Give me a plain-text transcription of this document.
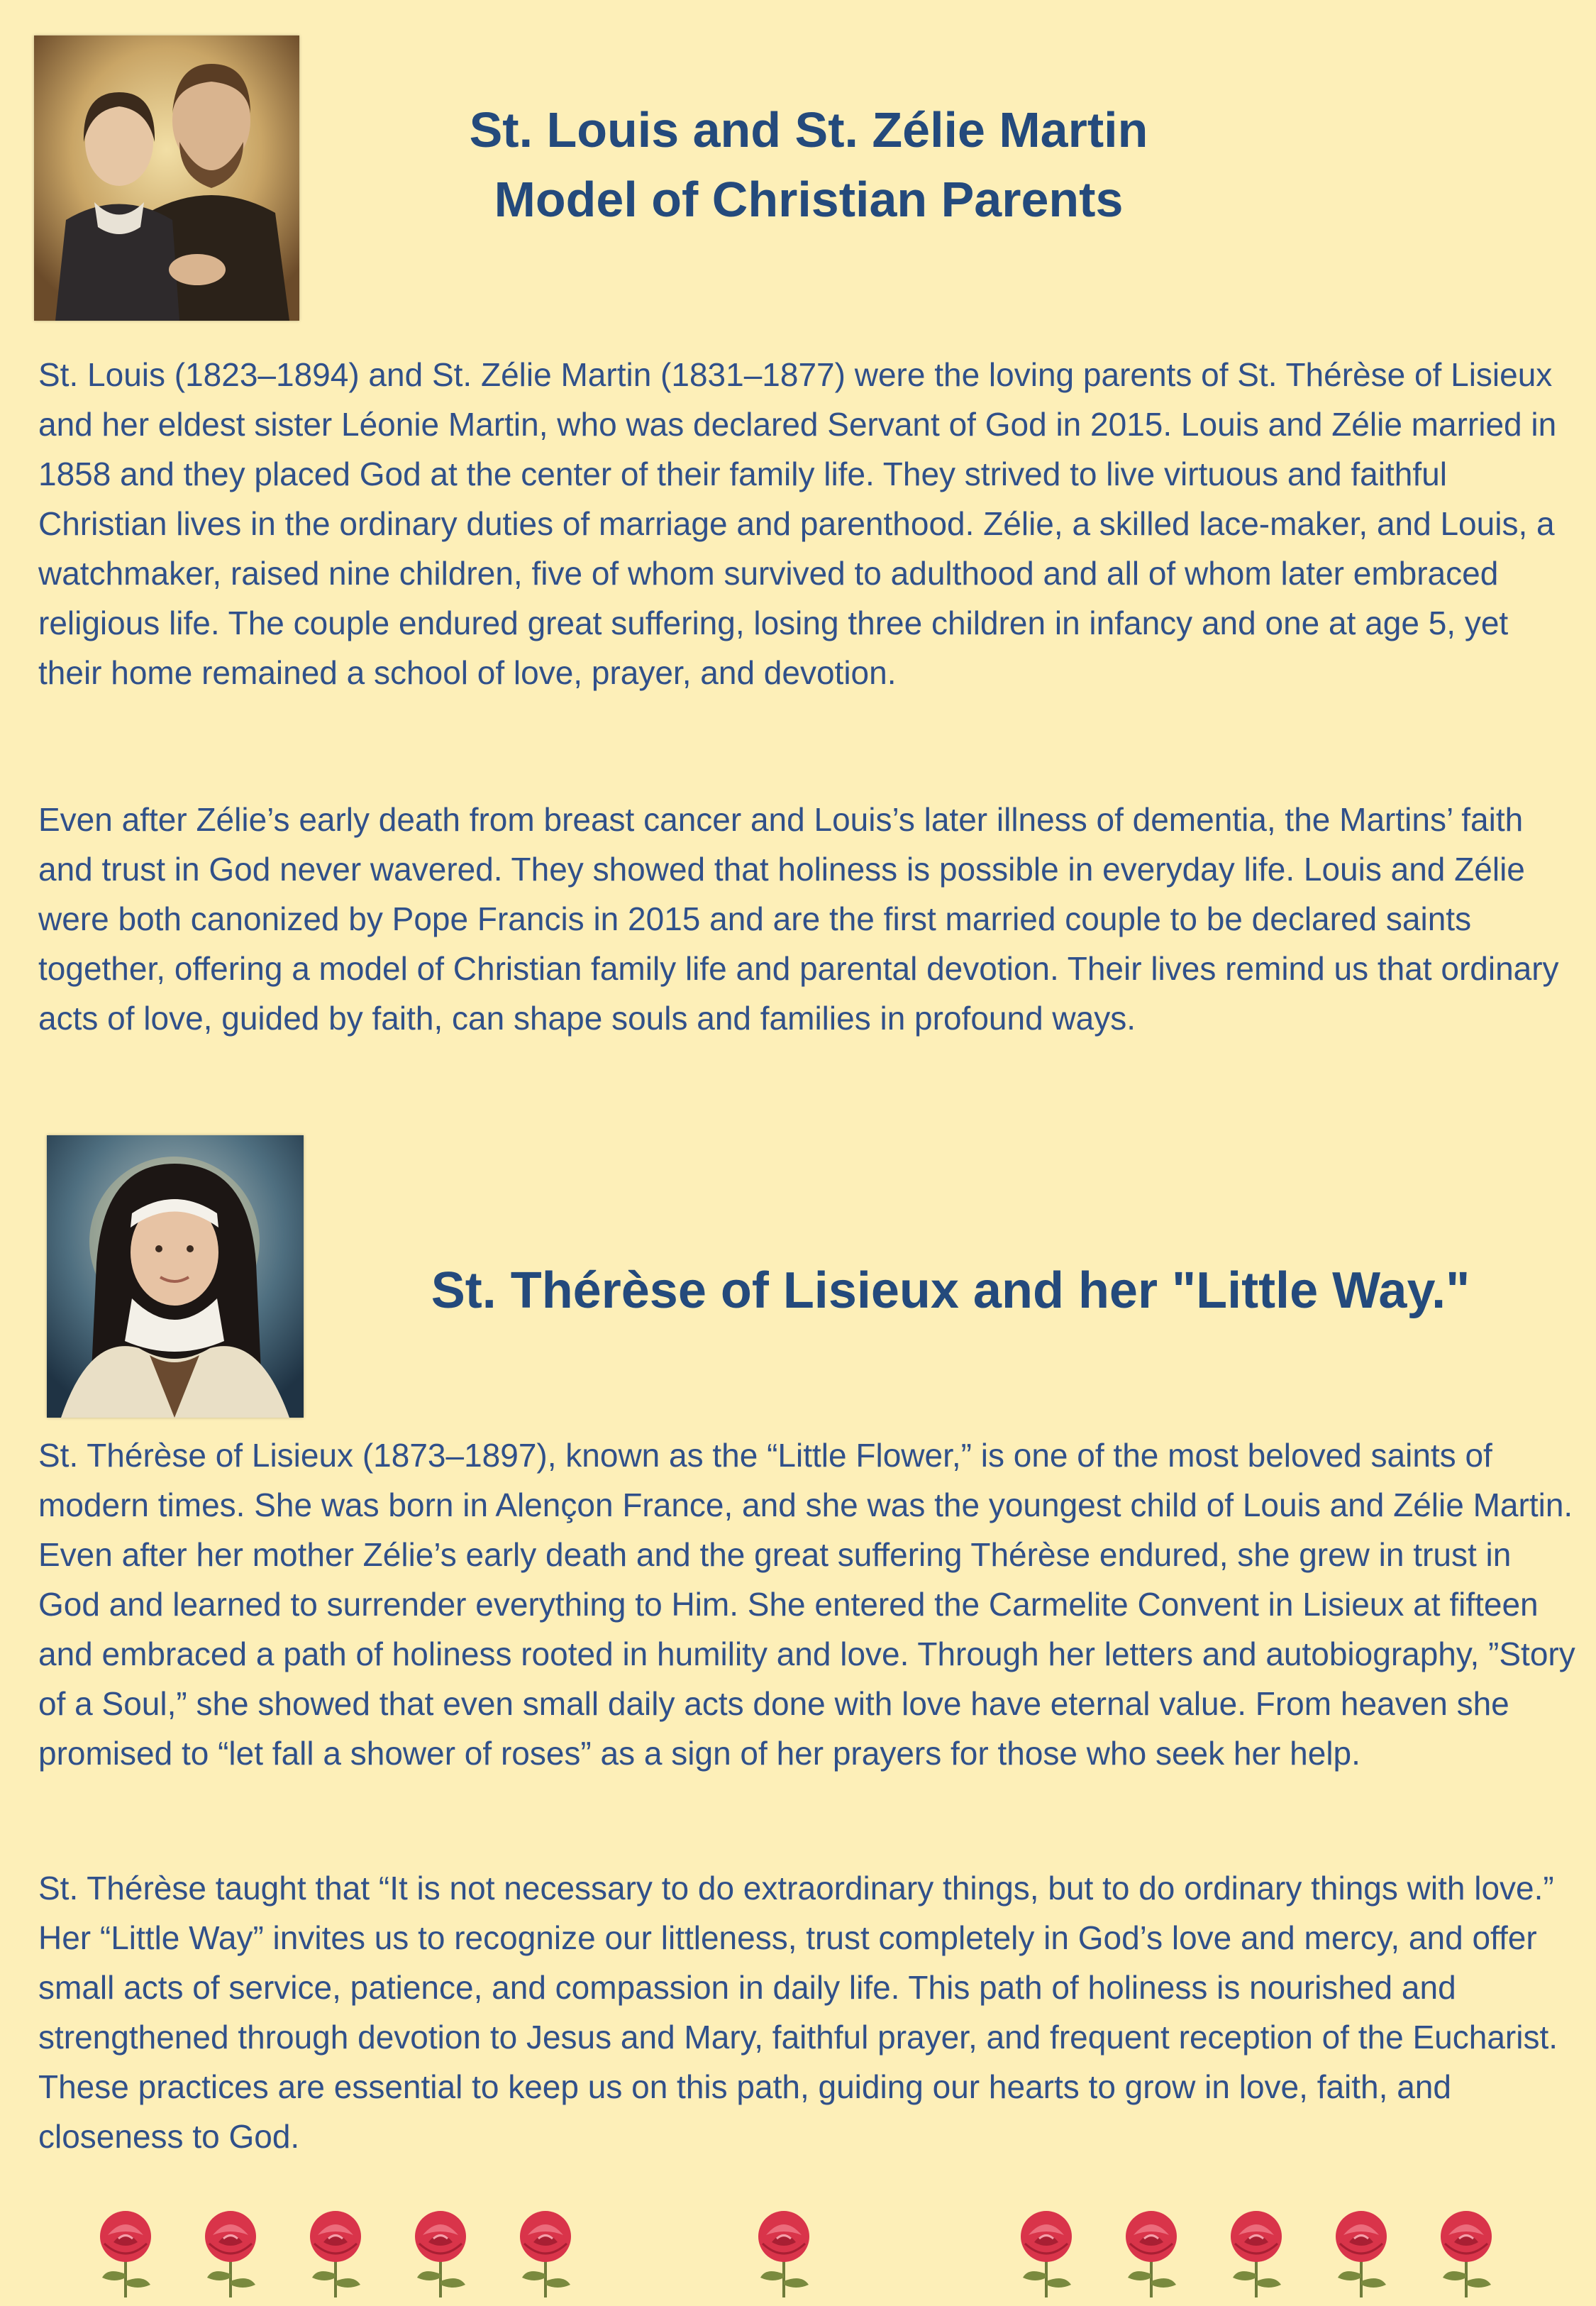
St. Louis and St. Zélie Martin
Model of Christian Parents

St. Louis (1823–1894) and St. Zélie Martin (1831–1877) were the loving parents of St. Thérèse of Lisieux and her eldest sister Léonie Martin, who was declared Servant of God in 2015. Louis and Zélie married in 1858 and they placed God at the center of their family life. They strived to live virtuous and faithful Christian lives in the ordinary duties of marriage and parenthood. Zélie, a skilled lace-maker, and Louis, a watchmaker, raised nine children, five of whom survived to adulthood and all of whom later embraced religious life. The couple endured great suffering, losing three children in infancy and one at age 5, yet their home remained a school of love, prayer, and devotion.

Even after Zélie’s early death from breast cancer and Louis’s later illness of dementia, the Martins’ faith and trust in God never wavered. They showed that holiness is possible in everyday life. Louis and Zélie were both canonized by Pope Francis in 2015 and are the first married couple to be declared saints together, offering a model of Christian family life and parental devotion. Their lives remind us that ordinary acts of love, guided by faith, can shape souls and families in profound ways.

St. Thérèse of Lisieux and her "Little Way."

St. Thérèse of Lisieux (1873–1897), known as the “Little Flower,” is one of the most beloved saints of modern times. She was born in Alençon France, and she was the youngest child of Louis and Zélie Martin. Even after her mother Zélie’s early death and the great suffering Thérèse endured, she grew in trust in God and learned to surrender everything to Him. She entered the Carmelite Convent in Lisieux at fifteen and embraced a path of holiness rooted in humility and love. Through her letters and autobiography, ”Story of a Soul,” she showed that even small daily acts done with love have eternal value. From heaven she promised to “let fall a shower of roses” as a sign of her prayers for those who seek her help.

St. Thérèse taught that “It is not necessary to do extraordinary things, but to do ordinary things with love.” Her “Little Way” invites us to recognize our littleness, trust completely in God’s love and mercy, and offer small acts of service, patience, and compassion in daily life. This path of holiness is nourished and strengthened through devotion to Jesus and Mary, faithful prayer, and frequent reception of the Eucharist. These practices are essential to keep us on this path, guiding our hearts to grow in love, faith, and closeness to God.
